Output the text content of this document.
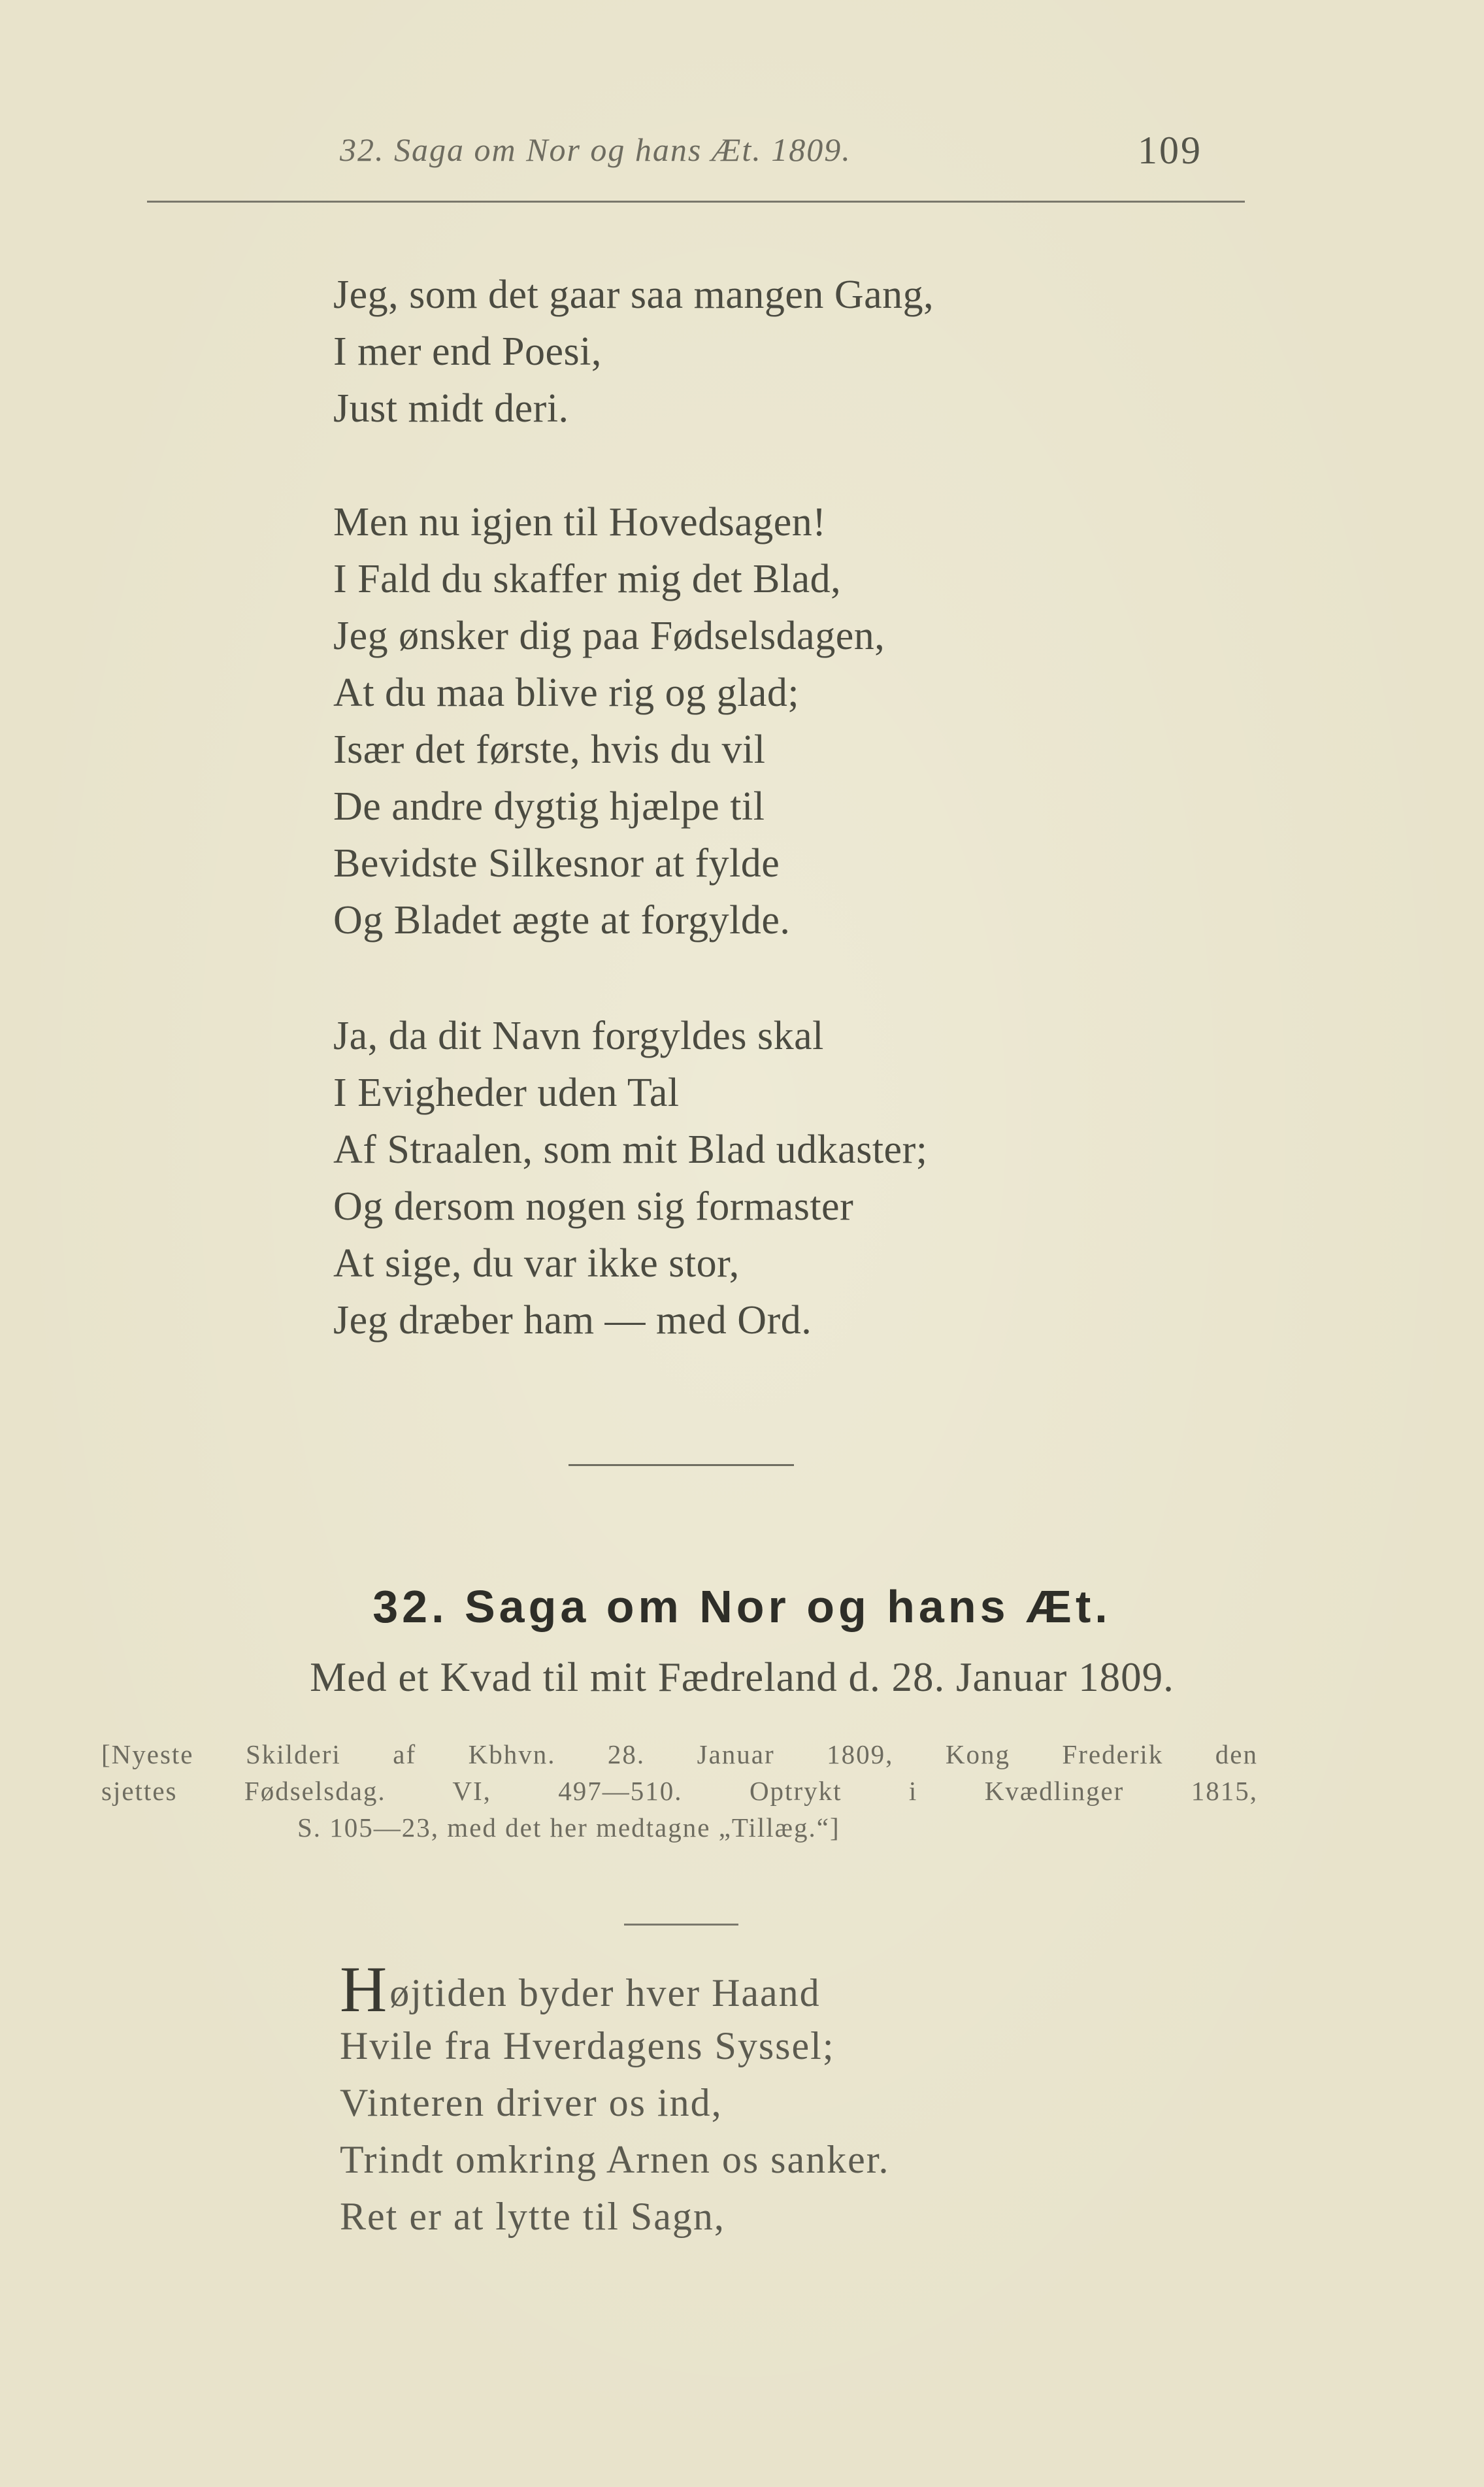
32. Saga om Nor og hans Æt. 1809.	109
Jeg, som det gaar saa mangen Gang,
I mer end Poesi,
Just midt deri.
Men nu igjen til Hovedsagen!
I Fald du skaffer mig det Blad,
Jeg ønsker dig paa Fødselsdagen,
At du maa blive rig og glad;
Især det første, hvis du vil
De andre dygtig hjælpe til
Bevidste Silkesnor at fylde
Og Bladet ægte at forgylde.
Ja, da dit Navn forgyldes skal
I Evigheder uden Tal
Af Straalen, som mit Blad udkaster;
Og dersom nogen sig formaster
At sige, du var ikke stor,
Jeg dræber ham — med Ord.
32. Saga om Nor og hans Æt.
Med et Kvad til mit Fædreland d. 28. Januar 1809.
[Nyeste Skilderi af Kbhvn. 28. Januar 1809, Kong Frederik den
sjettes Fødselsdag. VI, 497—510. Optrykt i Kvædlinger 1815,
S. 105—23, med det her medtagne „Tillæg.“]
Højtiden byder hver Haand
Hvile fra Hverdagens Syssel;
Vinteren driver os ind,
Trindt omkring Arnen os sanker.
Ret er at lytte til Sagn,
